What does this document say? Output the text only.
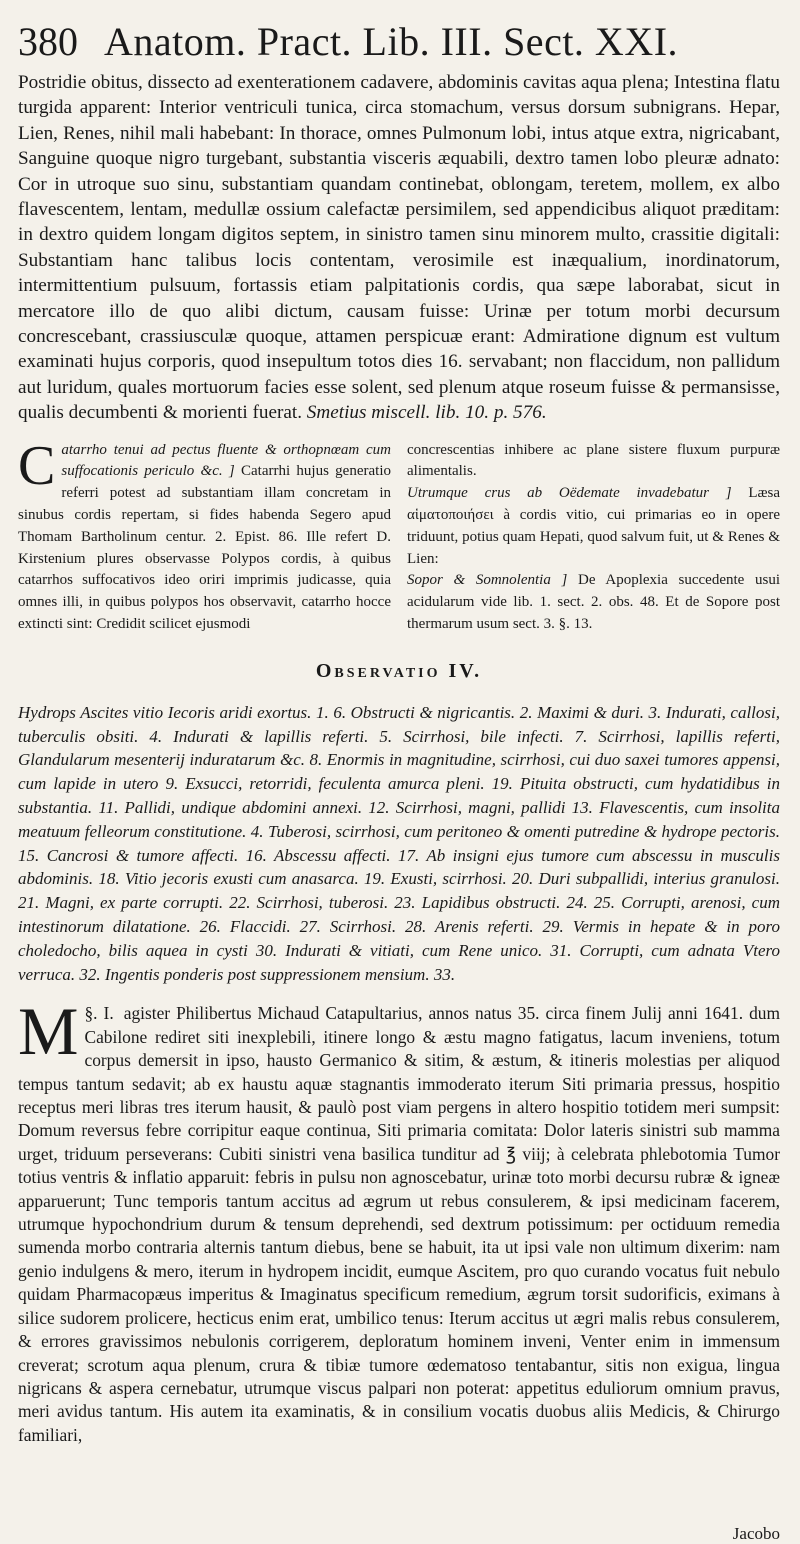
380 Anatom. Pract. Lib. III. Sect. XXI.

Postridie obitus, dissecto ad exenterationem cadavere, abdominis cavitas aqua plena; Intestina flatu turgida apparent: Interior ventriculi tunica, circa stomachum, versus dorsum subnigrans. Hepar, Lien, Renes, nihil mali habebant: In thorace, omnes Pulmonum lobi, intus atque extra, nigricabant, Sanguine quoque nigro turgebant, substantia visceris æquabili, dextro tamen lobo pleuræ adnato: Cor in utroque suo sinu, substantiam quandam continebat, oblongam, teretem, mollem, ex albo flavescentem, lentam, medullæ ossium calefactæ persimilem, sed appendicibus aliquot præditam: in dextro quidem longam digitos septem, in sinistro tamen sinu minorem multo, crassitie digitali: Substantiam hanc talibus locis contentam, verosimile est inæqualium, inordinatorum, intermittentium pulsuum, fortassis etiam palpitationis cordis, qua sæpe laborabat, sicut in mercatore illo de quo alibi dictum, causam fuisse: Urinæ per totum morbi decursum concrescebant, crassiusculæ quoque, attamen perspicuæ erant: Admiratione dignum est vultum examinati hujus corporis, quod insepultum totos dies 16. servabant; non flaccidum, non pallidum aut luridum, quales mortuorum facies esse solent, sed plenum atque roseum fuisse & permansisse, qualis decumbenti & morienti fuerat. Smetius miscell. lib. 10. p. 576.

C atarrho tenui ad pectus fluente & orthopnœam cum suffocationis periculo &c. ] Catarrhi hujus generatio referri potest ad substantiam illam concretam in sinubus cordis repertam, si fides habenda Segero apud Thomam Bartholinum centur. 2. Epist. 86. Ille refert D. Kirstenium plures observasse Polypos cordis, à quibus catarrhos suffocativos ideo oriri imprimis judicasse, quia omnes illi, in quibus polypos hos observavit, catarrho hocce extincti sint: Credidit scilicet ejusmodi

concrescentias inhibere ac plane sistere fluxum purpuræ alimentalis.

Utrumque crus ab Oëdemate invadebatur ] Læsa αἱματοποιήσει à cordis vitio, cui primarias eo in opere triduunt, potius quam Hepati, quod salvum fuit, ut & Renes & Lien:

Sopor & Somnolentia ] De Apoplexia succedente usui acidularum vide lib. 1. sect. 2. obs. 48. Et de Sopore post thermarum usum sect. 3. §. 13.

Observatio IV.

Hydrops Ascites vitio Iecoris aridi exortus. 1. 6. Obstructi & nigricantis. 2. Maximi & duri. 3. Indurati, callosi, tuberculis obsiti. 4. Indurati & lapillis referti. 5. Scirrhosi, bile infecti. 7. Scirrhosi, lapillis referti, Glandularum mesenterij induratarum &c. 8. Enormis in magnitudine, scirrhosi, cui duo saxei tumores appensi, cum lapide in utero 9. Exsucci, retorridi, feculenta amurca pleni. 19. Pituita obstructi, cum hydatidibus in substantia. 11. Pallidi, undique abdomini annexi. 12. Scirrhosi, magni, pallidi 13. Flavescentis, cum insolita meatuum felleorum constitutione. 4. Tuberosi, scirrhosi, cum peritoneo & omenti putredine & hydrope pectoris. 15. Cancrosi & tumore affecti. 16. Abscessu affecti. 17. Ab insigni ejus tumore cum abscessu in musculis abdominis. 18. Vitio jecoris exusti cum anasarca. 19. Exusti, scirrhosi. 20. Duri subpallidi, interius granulosi. 21. Magni, ex parte corrupti. 22. Scirrhosi, tuberosi. 23. Lapidibus obstructi. 24. 25. Corrupti, arenosi, cum intestinorum dilatatione. 26. Flaccidi. 27. Scirrhosi. 28. Arenis referti. 29. Vermis in hepate & in poro choledocho, bilis aquea in cysti 30. Indurati & vitiati, cum Rene unico. 31. Corrupti, cum adnata Vtero verruca. 32. Ingentis ponderis post suppressionem mensium. 33.

§. I.
M	agister Philibertus Michaud Catapultarius, annos natus 35. circa finem Julij anni 1641. dum Cabilone rediret siti inexplebili, itinere longo & æstu magno fatigatus, lacum inveniens, totum corpus demersit in ipso, hausto Germanico & sitim, & æstum, & itineris molestias per aliquod tempus tantum sedavit; ab ex haustu aquæ stagnantis immoderato iterum Siti primaria pressus, hospitio receptus meri libras tres iterum hausit, & paulò post viam pergens in altero hospitio totidem meri sumpsit: Domum reversus febre corripitur eaque continua, Siti primaria comitata: Dolor lateris sinistri sub mamma urget, triduum perseverans: Cubiti sinistri vena basilica tunditur ad ℥ viij; à celebrata phlebotomia Tumor totius ventris & inflatio apparuit: febris in pulsu non agnoscebatur, urinæ toto morbi decursu rubræ & igneæ apparuerunt; Tunc temporis tantum accitus ad ægrum ut rebus consulerem, & ipsi medicinam facerem, utrumque hypochondrium durum & tensum deprehendi, sed dextrum potissimum: per octiduum remedia sumenda morbo contraria alternis tantum diebus, bene se habuit, ita ut ipsi vale non ultimum dixerim: nam genio indulgens & mero, iterum in hydropem incidit, eumque Ascitem, pro quo curando vocatus fuit nebulo quidam Pharmacopæus imperitus & Imaginatus specificum remedium, ægrum torsit sudorificis, eximans à silice sudorem prolicere, hecticus enim erat, umbilico tenus: Iterum accitus ut ægri malis rebus consulerem, & errores gravissimos nebulonis corrigerem, deploratum hominem inveni, Venter enim in immensum creverat; scrotum aqua plenum, crura & tibiæ tumore œdematoso tentabantur, sitis non exigua, lingua nigricans & aspera cernebatur, utrumque viscus palpari non poterat: appetitus eduliorum omnium pravus, meri avidus tantum. His autem ita examinatis, & in consilium vocatis duobus aliis Medicis, & Chirurgo familiari,

Jacobo
